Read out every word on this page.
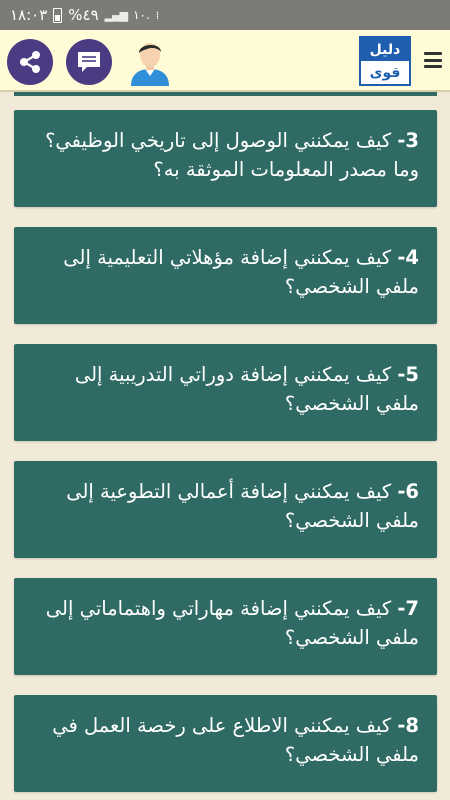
١٨:٠٣ %٤٩ ▂▄▆ ١٠. ⁞
دليل
قوى
3- كيف يمكنني الوصول إلى تاريخي الوظيفي؟ وما مصدر المعلومات الموثقة به؟
4- كيف يمكنني إضافة مؤهلاتي التعليمية إلى ملفي الشخصي؟
5- كيف يمكنني إضافة دوراتي التدريبية إلى ملفي الشخصي؟
6- كيف يمكنني إضافة أعمالي التطوعية إلى ملفي الشخصي؟
7- كيف يمكنني إضافة مهاراتي واهتماماتي إلى ملفي الشخصي؟
8- كيف يمكنني الاطلاع على رخصة العمل في ملفي الشخصي؟
